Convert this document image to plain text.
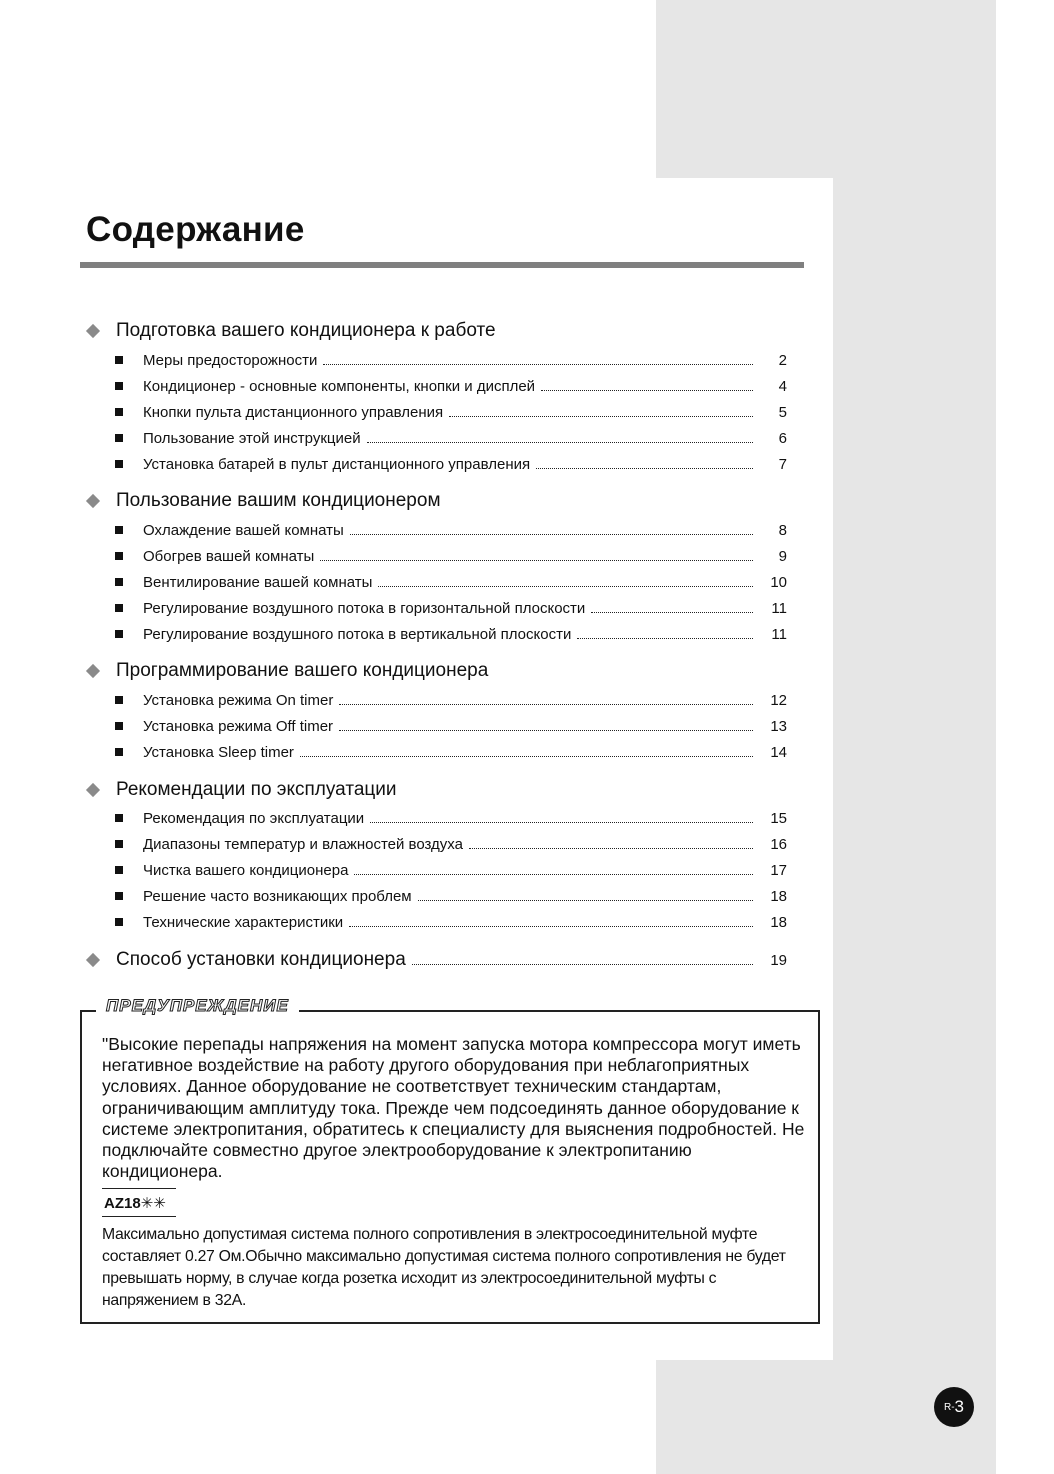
Содержание
Подготовка вашего кондиционера к работе
Меры предосторожности	2
Кондиционер - основные компоненты, кнопки и дисплей	4
Кнопки пульта дистанционного управления	5
Пользование этой инструкцией	6
Установка батарей в пульт дистанционного управления	7
Пользование вашим кондиционером
Охлаждение вашей комнаты	8
Обогрев вашей комнаты	9
Вентилирование вашей комнаты	10
Регулирование воздушного потока в горизонтальной плоскости	11
Регулирование воздушного потока в вертикальной плоскости	11
Программирование вашего кондиционера
Установка режима On timer	12
Установка режима Off timer	13
Установка Sleep timer	14
Рекомендации по эксплуатации
Рекомендация по эксплуатации	15
Диапазоны температур и влажностей воздуха	16
Чистка вашего кондиционера	17
Решение часто возникающих проблем	18
Технические характеристики	18
Способ установки кондиционера	19
ПРЕДУПРЕЖДЕНИЕ
"Высокие перепады напряжения на момент запуска мотора компрессора могут иметь негативное воздействие на работу другого оборудования при неблагоприятных условиях. Данное оборудование не соответствует техническим стандартам, ограничивающим амплитуду тока. Прежде чем подсоединять данное оборудование к системе электропитания, обратитесь к специалисту для выяснения подробностей. Не подключайте совместно другое электрооборудование к электропитанию кондиционера.
AZ18✳✳
Максимально допустимая система полного сопротивления в электросоединительной муфте составляет 0.27 Ом.Обычно максимально допустимая система полного сопротивления не будет превышать норму, в случае когда розетка исходит из электросоединительной муфты с напряжением в 32A.
R- 3
